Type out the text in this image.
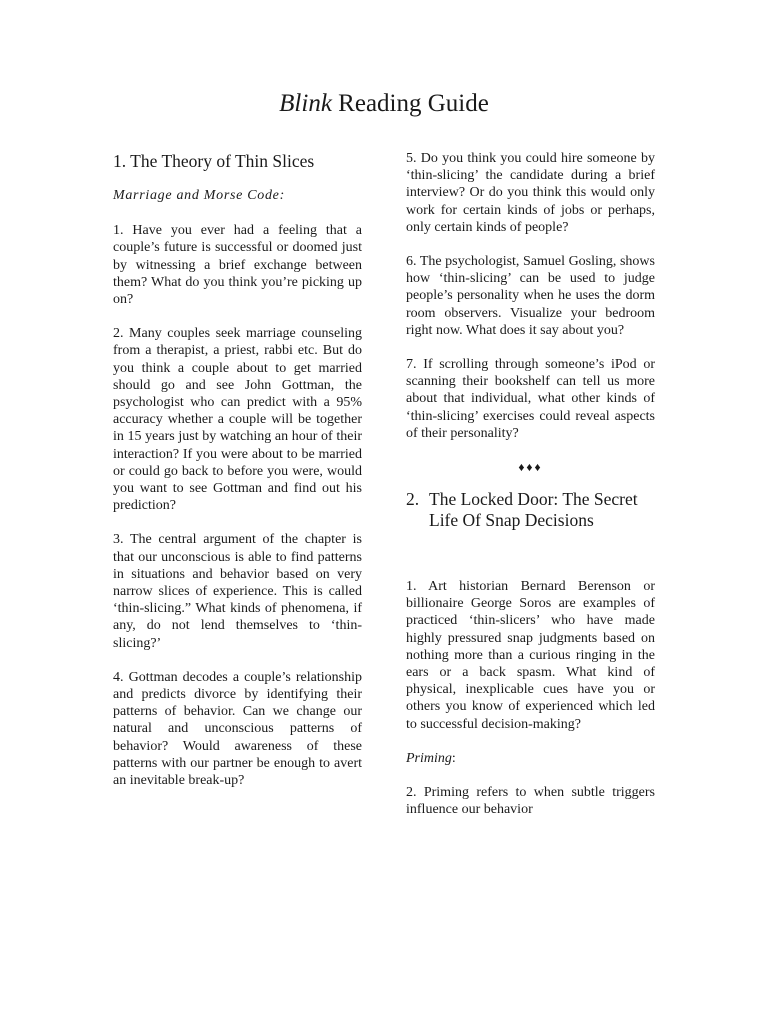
Blink Reading Guide
1. The Theory of Thin Slices
Marriage and Morse Code:

1. Have you ever had a feeling that a couple’s future is successful or doomed just by witnessing a brief exchange between them? What do you think you’re picking up on?

2. Many couples seek marriage counseling from a therapist, a priest, rabbi etc. But do you think a couple about to get married should go and see John Gottman, the psychologist who can predict with a 95% accuracy whether a couple will be together in 15 years just by watching an hour of their interaction? If you were about to be married or could go back to before you were, would you want to see Gottman and find out his prediction?

3. The central argument of the chapter is that our unconscious is able to find patterns in situations and behavior based on very narrow slices of experience. This is called ‘thin-slicing.” What kinds of phenomena, if any, do not lend themselves to ‘thin-slicing?’

4. Gottman decodes a couple’s relationship and predicts divorce by identifying their patterns of behavior. Can we change our natural and unconscious patterns of behavior? Would awareness of these patterns with our partner be enough to avert an inevitable break-up?

5. Do you think you could hire someone by ‘thin-slicing’ the candidate during a brief interview? Or do you think this would only work for certain kinds of jobs or perhaps, only certain kinds of people?

6. The psychologist, Samuel Gosling, shows how ‘thin-slicing’ can be used to judge people’s personality when he uses the dorm room observers. Visualize your bedroom right now. What does it say about you?

7. If scrolling through someone’s iPod or scanning their bookshelf can tell us more about that individual, what other kinds of ‘thin-slicing’ exercises could reveal aspects of their personality?

♦♦♦
2. The Locked Door: The Secret Life Of Snap Decisions

1. Art historian Bernard Berenson or billionaire George Soros are examples of practiced ‘thin-slicers’ who have made highly pressured snap judgments based on nothing more than a curious ringing in the ears or a back spasm. What kind of physical, inexplicable cues have you or others you know of experienced which led to successful decision-making?

Priming:

2. Priming refers to when subtle triggers influence our behavior
